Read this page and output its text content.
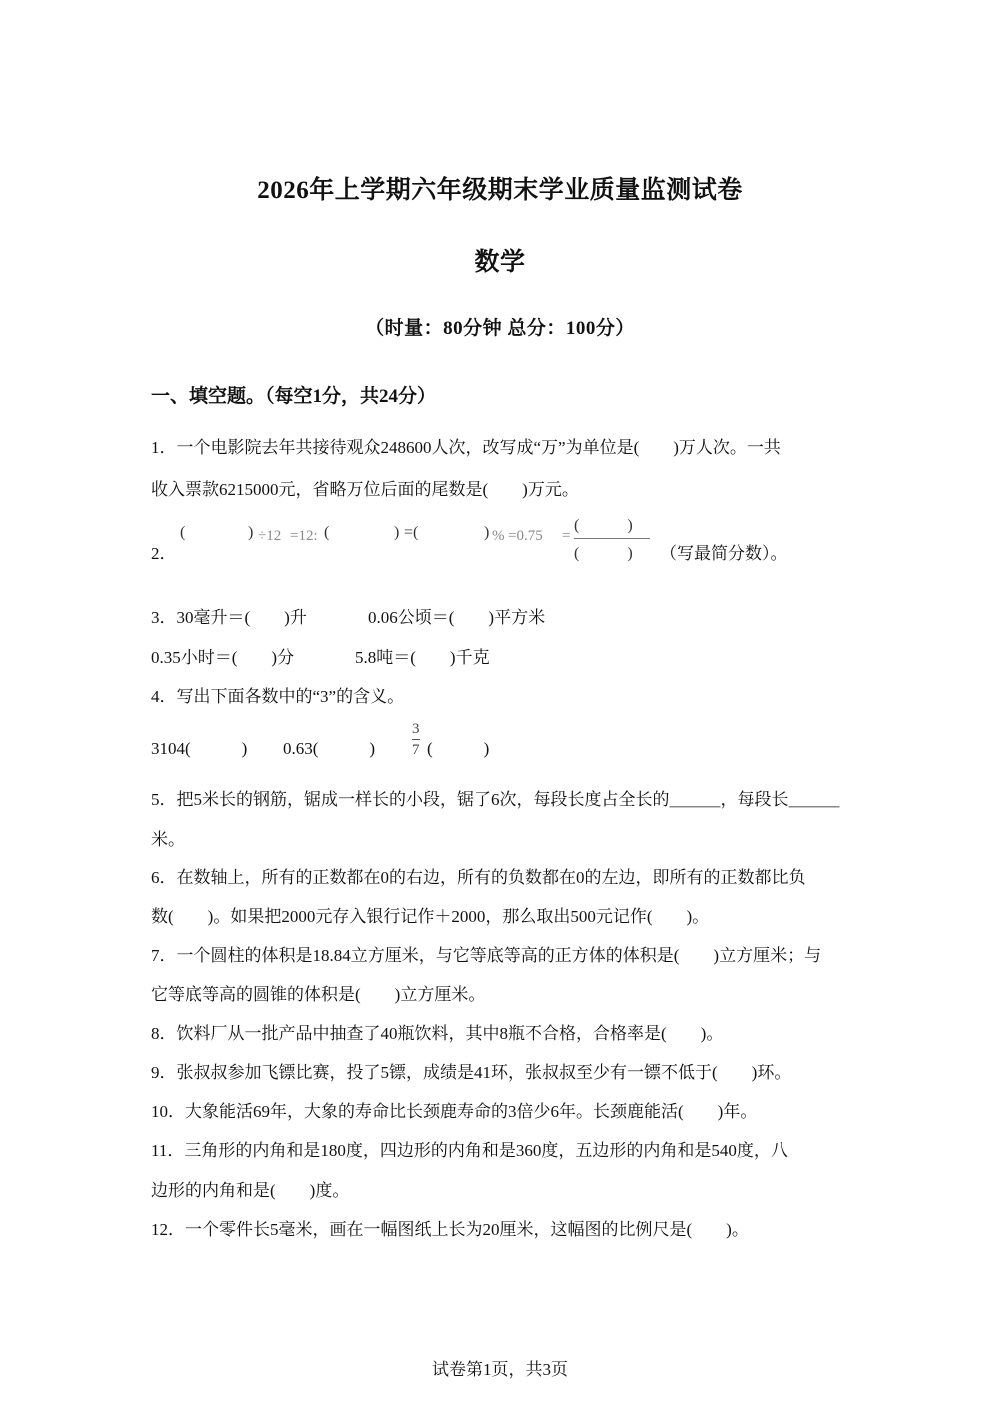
2026年上学期六年级期末学业质量监测试卷
数学
（时量：80分钟 总分：100分）
一、填空题。（每空1分，共24分）
1．一个电影院去年共接待观众248600人次，改写成“万”为单位是(　　)万人次。一共
收入票款6215000元，省略万位后面的尾数是(　　)万元。
2．
(	) ÷12 =12: (	) =(	) % =0.75 =
(　　　)
(　　　) （写最简分数）。
3．30毫升＝(　　)升	0.06公顷＝(　　)平方米
0.35小时＝(　　)分	5.8吨＝(　　)千克
4．写出下面各数中的“3”的含义。
3104(　　　) 0.63(　　　) $\frac{3}{7}$ (　　　)
5．把5米长的钢筋，锯成一样长的小段，锯了6次，每段长度占全长的＿＿＿，每段长＿＿＿
米。
6．在数轴上，所有的正数都在0的右边，所有的负数都在0的左边，即所有的正数都比负
数(　　)。如果把2000元存入银行记作＋2000，那么取出500元记作(　　)。
7．一个圆柱的体积是18.84立方厘米，与它等底等高的正方体的体积是(　　)立方厘米；与
它等底等高的圆锥的体积是(　　)立方厘米。
8．饮料厂从一批产品中抽查了40瓶饮料，其中8瓶不合格，合格率是(　　)。
9．张叔叔参加飞镖比赛，投了5镖，成绩是41环，张叔叔至少有一镖不低于(　　)环。
10．大象能活69年，大象的寿命比长颈鹿寿命的3倍少6年。长颈鹿能活(　　)年。
11．三角形的内角和是180度，四边形的内角和是360度，五边形的内角和是540度，八
边形的内角和是(　　)度。
12．一个零件长5毫米，画在一幅图纸上长为20厘米，这幅图的比例尺是(　　)。
试卷第1页，共3页
